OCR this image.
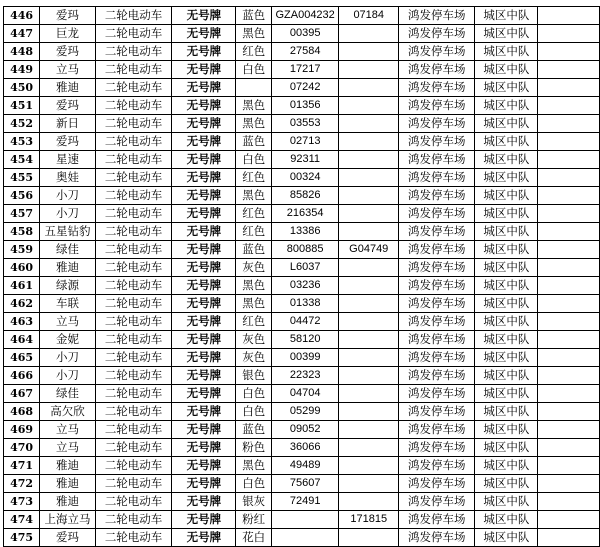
446	爱玛	二轮电动车	无号牌	蓝色	GZA004232	07184	鸿发停车场	城区中队	
447	巨龙	二轮电动车	无号牌	黑色	00395		鸿发停车场	城区中队	
448	爱玛	二轮电动车	无号牌	红色	27584		鸿发停车场	城区中队	
449	立马	二轮电动车	无号牌	白色	17217		鸿发停车场	城区中队	
450	雅迪	二轮电动车	无号牌		07242		鸿发停车场	城区中队	
451	爱玛	二轮电动车	无号牌	黑色	01356		鸿发停车场	城区中队	
452	新日	二轮电动车	无号牌	黑色	03553		鸿发停车场	城区中队	
453	爱玛	二轮电动车	无号牌	蓝色	02713		鸿发停车场	城区中队	
454	星速	二轮电动车	无号牌	白色	92311		鸿发停车场	城区中队	
455	奥娃	二轮电动车	无号牌	红色	00324		鸿发停车场	城区中队	
456	小刀	二轮电动车	无号牌	黑色	85826		鸿发停车场	城区中队	
457	小刀	二轮电动车	无号牌	红色	216354		鸿发停车场	城区中队	
458	五星钻豹	二轮电动车	无号牌	红色	13386		鸿发停车场	城区中队	
459	绿佳	二轮电动车	无号牌	蓝色	800885	G04749	鸿发停车场	城区中队	
460	雅迪	二轮电动车	无号牌	灰色	L6037		鸿发停车场	城区中队	
461	绿源	二轮电动车	无号牌	黑色	03236		鸿发停车场	城区中队	
462	车联	二轮电动车	无号牌	黑色	01338		鸿发停车场	城区中队	
463	立马	二轮电动车	无号牌	红色	04472		鸿发停车场	城区中队	
464	金妮	二轮电动车	无号牌	灰色	58120		鸿发停车场	城区中队	
465	小刀	二轮电动车	无号牌	灰色	00399		鸿发停车场	城区中队	
466	小刀	二轮电动车	无号牌	银色	22323		鸿发停车场	城区中队	
467	绿佳	二轮电动车	无号牌	白色	04704		鸿发停车场	城区中队	
468	高欠欣	二轮电动车	无号牌	白色	05299		鸿发停车场	城区中队	
469	立马	二轮电动车	无号牌	蓝色	09052		鸿发停车场	城区中队	
470	立马	二轮电动车	无号牌	粉色	36066		鸿发停车场	城区中队	
471	雅迪	二轮电动车	无号牌	黑色	49489		鸿发停车场	城区中队	
472	雅迪	二轮电动车	无号牌	白色	75607		鸿发停车场	城区中队	
473	雅迪	二轮电动车	无号牌	银灰	72491		鸿发停车场	城区中队	
474	上海立马	二轮电动车	无号牌	粉红		171815	鸿发停车场	城区中队	
475	爱玛	二轮电动车	无号牌	花白			鸿发停车场	城区中队	
